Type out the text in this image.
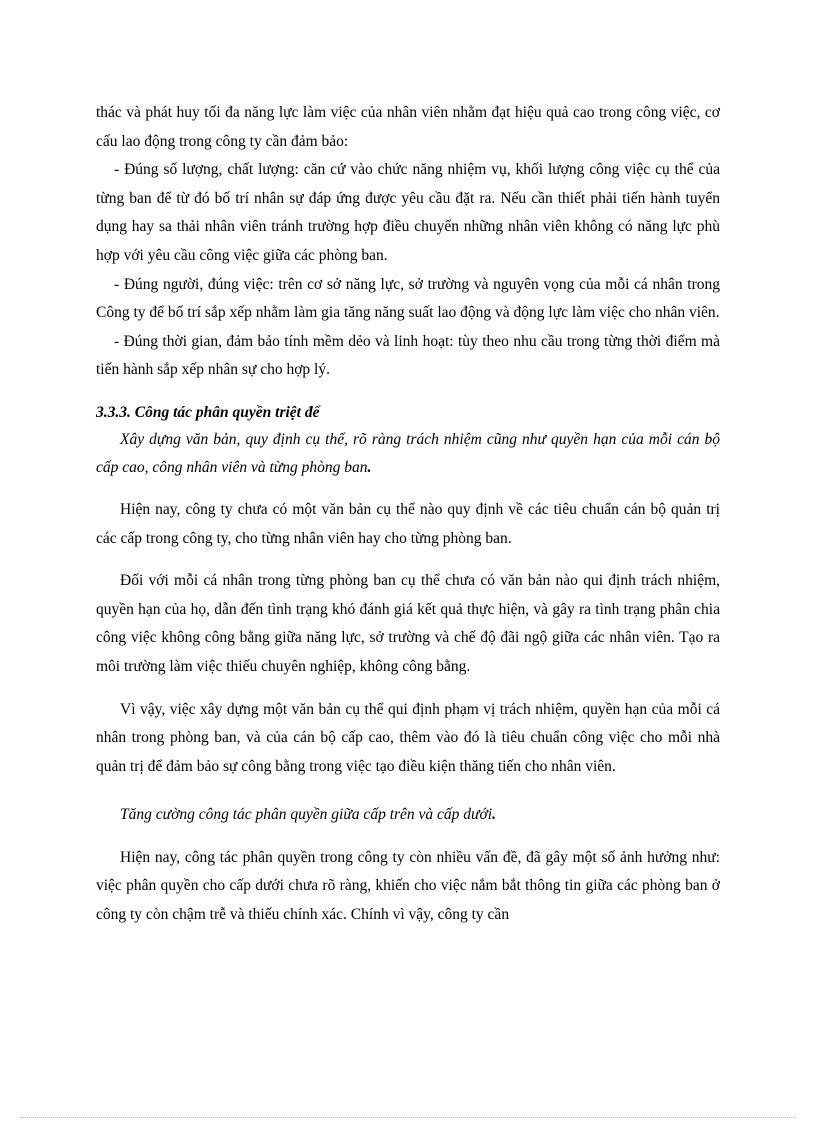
thác và phát huy tối đa năng lực làm việc của nhân viên nhằm đạt hiệu quả cao trong công việc, cơ cấu lao động trong công ty cần đảm bảo:

- Đúng số lượng, chất lượng: căn cứ vào chức năng nhiệm vụ, khối lượng công việc cụ thể của từng ban để từ đó bố trí nhân sự đáp ứng được yêu cầu đặt ra. Nếu cần thiết phải tiến hành tuyển dụng hay sa thải nhân viên tránh trường hợp điều chuyển những nhân viên không có năng lực phù hợp với yêu cầu công việc giữa các phòng ban.

- Đúng người, đúng việc: trên cơ sở năng lực, sở trường và nguyên vọng của mỗi cá nhân trong Công ty để bố trí sắp xếp nhằm làm gia tăng năng suất lao động và động lực làm việc cho nhân viên.

- Đúng thời gian, đảm bảo tính mềm dẻo và linh hoạt: tùy theo nhu cầu trong từng thời điểm mà tiến hành sắp xếp nhân sự cho hợp lý.

3.3.3. Công tác phân quyền triệt để

Xây dựng văn bản, quy định cụ thể, rõ ràng trách nhiệm cũng như quyền hạn của mỗi cán bộ cấp cao, công nhân viên và từng phòng ban.

Hiện nay, công ty chưa có một văn bản cụ thể nào quy định về các tiêu chuẩn cán bộ quản trị các cấp trong công ty, cho từng nhân viên hay cho từng phòng ban.

Đối với mỗi cá nhân trong từng phòng ban cụ thể chưa có văn bản nào qui định trách nhiệm, quyền hạn của họ, dẫn đến tình trạng khó đánh giá kết quả thực hiện, và gây ra tình trạng phân chia công việc không công bằng giữa năng lực, sở trường và chế độ đãi ngộ giữa các nhân viên. Tạo ra môi trường làm việc thiếu chuyên nghiệp, không công bằng.

Vì vậy, việc xây dựng một văn bản cụ thể qui định phạm vị trách nhiệm, quyền hạn của mỗi cá nhân trong phòng ban, và của cán bộ cấp cao, thêm vào đó là tiêu chuẩn công việc cho mỗi nhà quản trị để đảm bảo sự công bằng trong việc tạo điều kiện thăng tiến cho nhân viên.

Tăng cường công tác phân quyền giữa cấp trên và cấp dưới.

Hiện nay, công tác phân quyền trong công ty còn nhiều vấn đề, đã gây một số ảnh hưởng như: việc phân quyền cho cấp dưới chưa rõ ràng, khiến cho việc nắm bắt thông tin giữa các phòng ban ở công ty còn chậm trễ và thiếu chính xác. Chính vì vậy, công ty cần
